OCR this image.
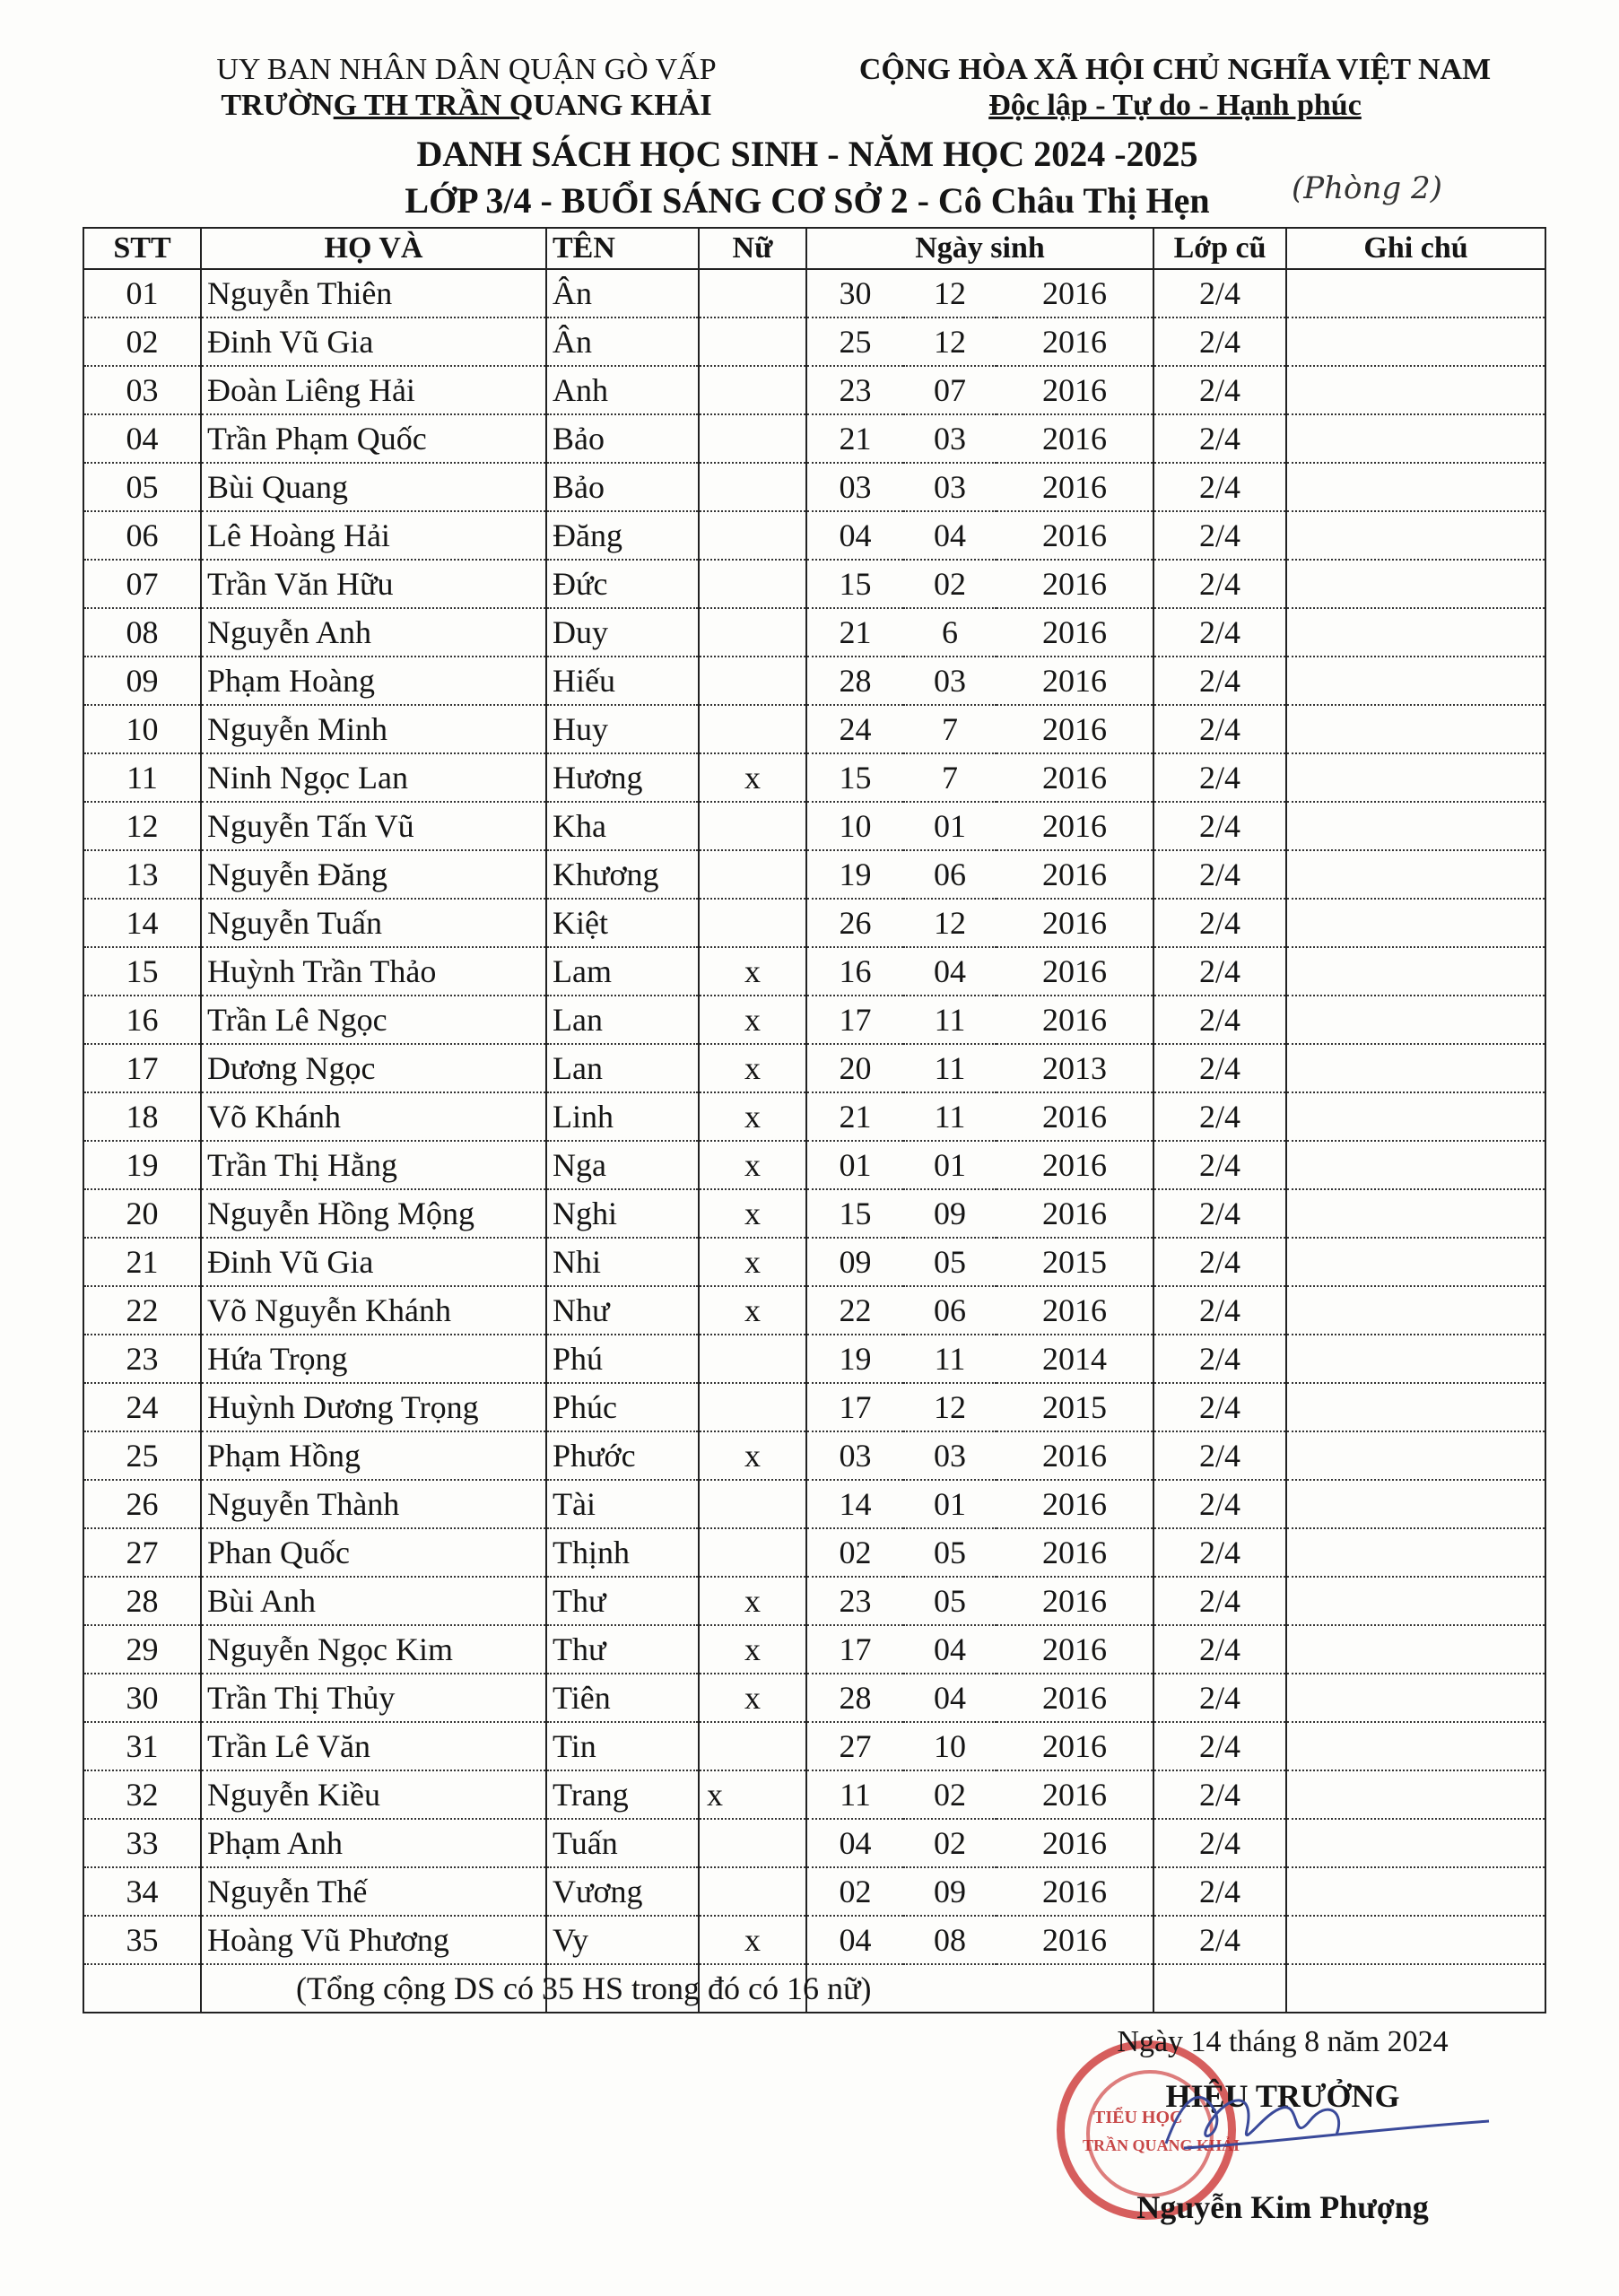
UY BAN NHÂN DÂN QUẬN GÒ VẤP
TRƯỜNG TH TRẦN QUANG KHẢI
CỘNG HÒA XÃ HỘI CHỦ NGHĨA VIỆT NAM
Độc lập - Tự do - Hạnh phúc
DANH SÁCH HỌC SINH - NĂM HỌC 2024 -2025
LỚP 3/4 - BUỔI SÁNG CƠ SỞ 2 - Cô Châu Thị Hẹn	(Phòng 2)
STT	HỌ VÀ	TÊN	Nữ	Ngày sinh			Lớp cũ	Ghi chú
01	Nguyễn Thiên	Ân		30	12	2016	2/4	
02	Đinh Vũ Gia	Ân		25	12	2016	2/4	
03	Đoàn Liêng Hải	Anh		23	07	2016	2/4	
04	Trần Phạm Quốc	Bảo		21	03	2016	2/4	
05	Bùi Quang	Bảo		03	03	2016	2/4	
06	Lê Hoàng Hải	Đăng		04	04	2016	2/4	
07	Trần Văn Hữu	Đức		15	02	2016	2/4	
08	Nguyễn Anh	Duy		21	6	2016	2/4	
09	Phạm Hoàng	Hiếu		28	03	2016	2/4	
10	Nguyễn Minh	Huy		24	7	2016	2/4	
11	Ninh Ngọc Lan	Hương	x	15	7	2016	2/4	
12	Nguyễn Tấn Vũ	Kha		10	01	2016	2/4	
13	Nguyễn Đăng	Khương		19	06	2016	2/4	
14	Nguyễn Tuấn	Kiệt		26	12	2016	2/4	
15	Huỳnh Trần Thảo	Lam	x	16	04	2016	2/4	
16	Trần Lê Ngọc	Lan	x	17	11	2016	2/4	
17	Dương Ngọc	Lan	x	20	11	2013	2/4	
18	Võ Khánh	Linh	x	21	11	2016	2/4	
19	Trần Thị Hằng	Nga	x	01	01	2016	2/4	
20	Nguyễn Hồng Mộng	Nghi	x	15	09	2016	2/4	
21	Đinh Vũ Gia	Nhi	x	09	05	2015	2/4	
22	Võ Nguyễn Khánh	Như	x	22	06	2016	2/4	
23	Hứa Trọng	Phú		19	11	2014	2/4	
24	Huỳnh Dương Trọng	Phúc		17	12	2015	2/4	
25	Phạm Hồng	Phước	x	03	03	2016	2/4	
26	Nguyễn Thành	Tài		14	01	2016	2/4	
27	Phan Quốc	Thịnh		02	05	2016	2/4	
28	Bùi Anh	Thư	x	23	05	2016	2/4	
29	Nguyễn Ngọc Kim	Thư	x	17	04	2016	2/4	
30	Trần Thị Thủy	Tiên	x	28	04	2016	2/4	
31	Trần Lê Văn	Tin		27	10	2016	2/4	
32	Nguyễn Kiều	Trang	x	11	02	2016	2/4	
33	Phạm Anh	Tuấn		04	02	2016	2/4	
34	Nguyễn Thế	Vương		02	09	2016	2/4	
35	Hoàng Vũ Phương	Vy	x	04	08	2016	2/4	

(Tổng cộng DS có 35 HS trong đó có 16 nữ)
TIỂU HỌC
TRẦN QUANG KHẢI
Ngày 14 tháng 8 năm 2024
HIỆU TRƯỞNG
Nguyễn Kim Phượng
